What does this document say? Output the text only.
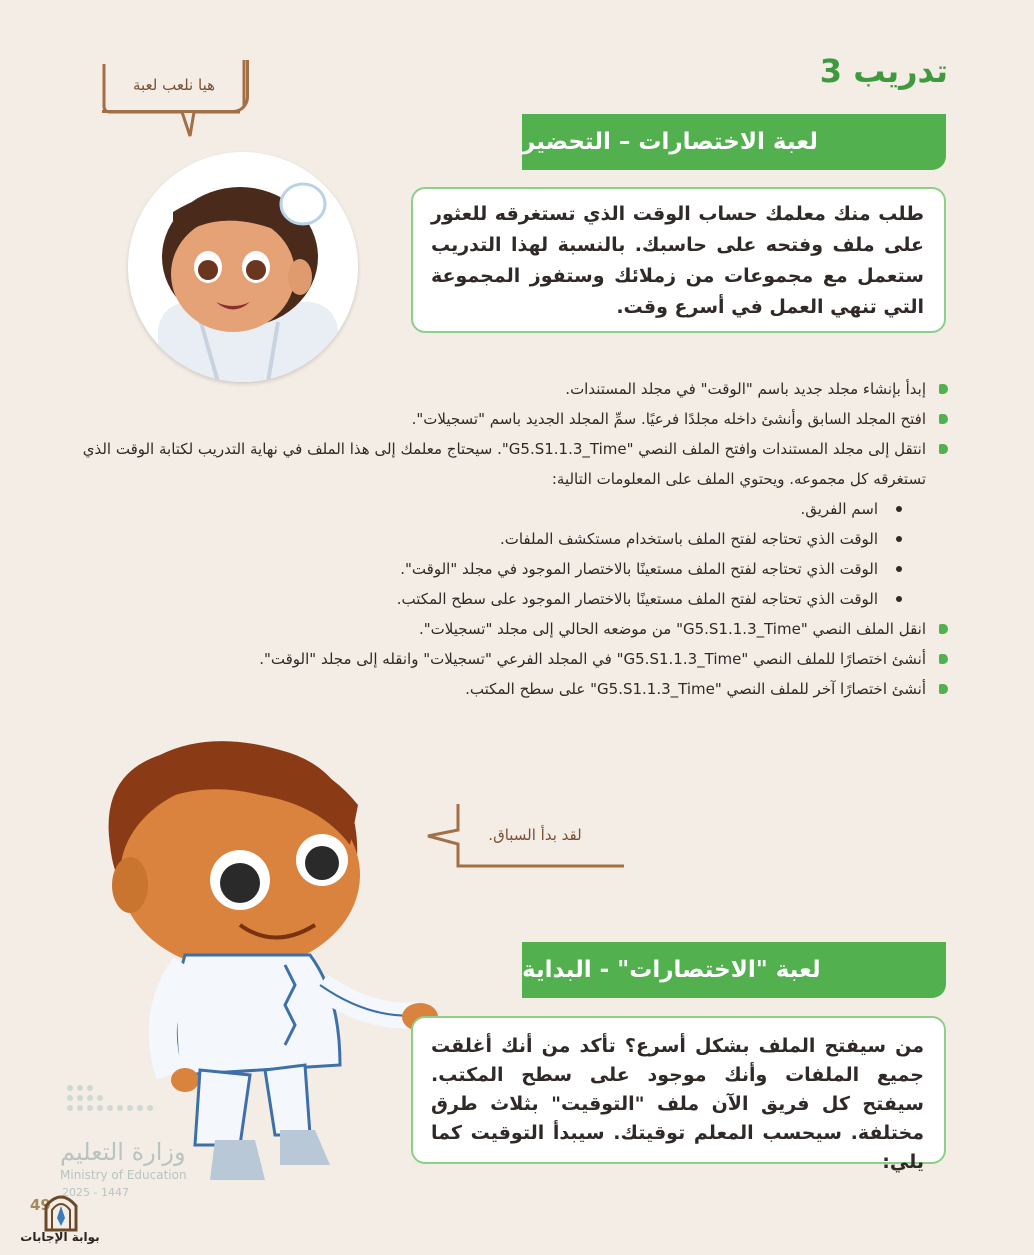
تدريب 3
هيا نلعب لعبة
لعبة الاختصارات – التحضير
طلب منك معلمك حساب الوقت الذي تستغرقه للعثور على ملف وفتحه على حاسبك. بالنسبة لهذا التدريب ستعمل مع مجموعات من زملائك وستفوز المجموعة التي تنهي العمل في أسرع وقت.
إبدأ بإنشاء مجلد جديد باسم "الوقت" في مجلد المستندات.
افتح المجلد السابق وأنشئ داخله مجلدًا فرعيًا. سمِّ المجلد الجديد باسم "تسجيلات".
انتقل إلى مجلد المستندات وافتح الملف النصي "G5.S1.1.3_Time". سيحتاج معلمك إلى هذا الملف في نهاية التدريب لكتابة الوقت الذي تستغرقه كل مجموعه. ويحتوي الملف على المعلومات التالية:
اسم الفريق.
الوقت الذي تحتاجه لفتح الملف باستخدام مستكشف الملفات.
الوقت الذي تحتاجه لفتح الملف مستعينًا بالاختصار الموجود في مجلد "الوقت".
الوقت الذي تحتاجه لفتح الملف مستعينًا بالاختصار الموجود على سطح المكتب.
انقل الملف النصي "G5.S1.1.3_Time" من موضعه الحالي إلى مجلد "تسجيلات".
أنشئ اختصارًا للملف النصي "G5.S1.1.3_Time" في المجلد الفرعي "تسجيلات" وانقله إلى مجلد "الوقت".
أنشئ اختصارًا آخر للملف النصي "G5.S1.1.3_Time" على سطح المكتب.
لقد بدأ السباق.
لعبة "الاختصارات" - البداية
من سيفتح الملف بشكل أسرع؟ تأكد من أنك أغلقت جميع الملفات وأنك موجود على سطح المكتب. سيفتح كل فريق الآن ملف "التوقيت" بثلاث طرق مختلفة. سيحسب المعلم توقيتك. سيبدأ التوقيت كما يلي:
وزارة التعليم
Ministry of Education
2025 - 1447
49
بوابة الإجابات
